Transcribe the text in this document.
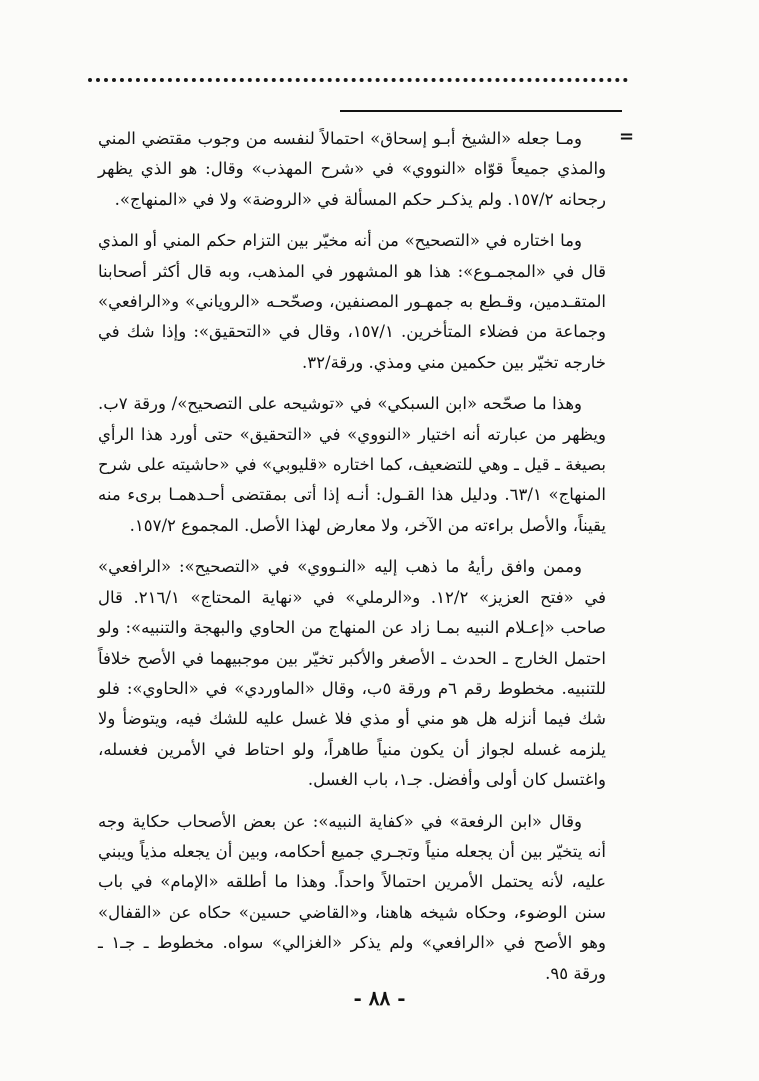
=

ومـا جعله «الشيخ أبـو إسحاق» احتمالاً لنفسه من وجوب مقتضي المني والمذي جميعاً قوّاه «النووي» في «شرح المهذب» وقال: هو الذي يظهر رجحانه ١٥٧/٢. ولم يذكـر حكم المسألة في «الروضة» ولا في «المنهاج».

وما اختاره في «التصحيح» من أنه مخيّر بين التزام حكم المني أو المذي قال في «المجمـوع»: هذا هو المشهور في المذهب، وبه قال أكثر أصحابنا المتقـدمين، وقـطع به جمهـور المصنفين، وصحّحـه «الروياني» و«الرافعي» وجماعة من فضلاء المتأخرين. ١٥٧/١، وقال في «التحقيق»: وإذا شك في خارجه تخيّر بين حكمين مني ومذي. ورقة/٣٢.

وهذا ما صحّحه «ابن السبكي» في «توشيحه على التصحيح»/ ورقة ٧ب. ويظهر من عبارته أنه اختيار «النووي» في «التحقيق» حتى أورد هذا الرأي بصيغة ـ قيل ـ وهي للتضعيف، كما اختاره «قليوبي» في «حاشيته على شرح المنهاج» ٦٣/١. ودليل هذا القـول: أنـه إذا أتى بمقتضى أحـدهمـا برىء منه يقيناً، والأصل براءته من الآخر، ولا معارض لهذا الأصل. المجموع ١٥٧/٢.

وممن وافق رأيهُ ما ذهب إليه «النـووي» في «التصحيح»: «الرافعي» في «فتح العزيز» ١٢/٢. و«الرملي» في «نهاية المحتاج» ٢١٦/١. قال صاحب «إعـلام النبيه بمـا زاد عن المنهاج من الحاوي والبهجة والتنبيه»: ولو احتمل الخارج ـ الحدث ـ الأصغر والأكبر تخيّر بين موجبيهما في الأصح خلافاً للتنبيه. مخطوط رقم ٦م ورقة ٥ب، وقال «الماوردي» في «الحاوي»: فلو شك فيما أنزله هل هو مني أو مذي فلا غسل عليه للشك فيه، ويتوضأ ولا يلزمه غسله لجواز أن يكون منياً طاهراً، ولو احتاط في الأمرين فغسله، واغتسل كان أولى وأفضل. جـ١، باب الغسل.

وقال «ابن الرفعة» في «كفاية النبيه»: عن بعض الأصحاب حكاية وجه أنه يتخيّر بين أن يجعله منياً وتجـري جميع أحكامه، وبين أن يجعله مذياً ويبني عليه، لأنه يحتمل الأمرين احتمالاً واحداً. وهذا ما أطلقه «الإمام» في باب سنن الوضوء، وحكاه شيخه هاهنا، و«القاضي حسين» حكاه عن «القفال» وهو الأصح في «الرافعي» ولم يذكر «الغزالي» سواه. مخطوط ـ جـ١ ـ ورقة ٩٥.

- ٨٨ -
